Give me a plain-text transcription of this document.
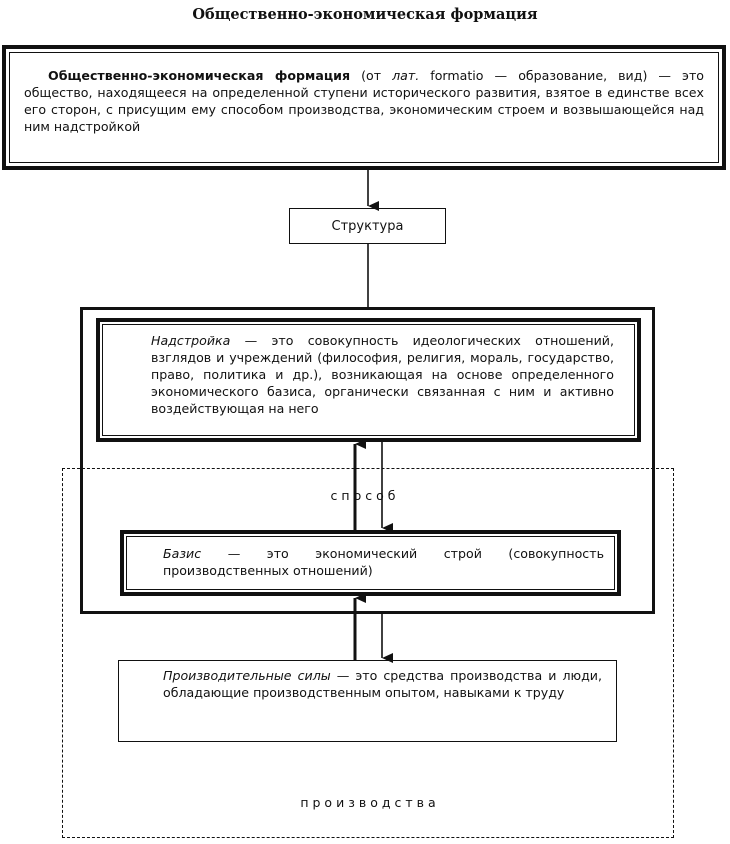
Общественно-экономическая формация

Общественно-экономическая формация (от лат. formatio — образование, вид) — это общество, находящееся на определенной ступени исторического развития, взятое в единстве всех его сторон, с присущим ему способом производства, экономическим строем и возвышающейся над ним надстройкой

Структура
Надстройка — это совокупность идеологических отношений, взглядов и учреждений (философия, религия, мораль, государство, право, политика и др.), возникающая на основе определенного экономического базиса, органически связанная с ним и активно воздействующая на него
способ
Базис — это экономический строй (совокупность производственных отношений)
Производительные силы — это средства производства и люди, обладающие производственным опытом, навыками к труду
производства
